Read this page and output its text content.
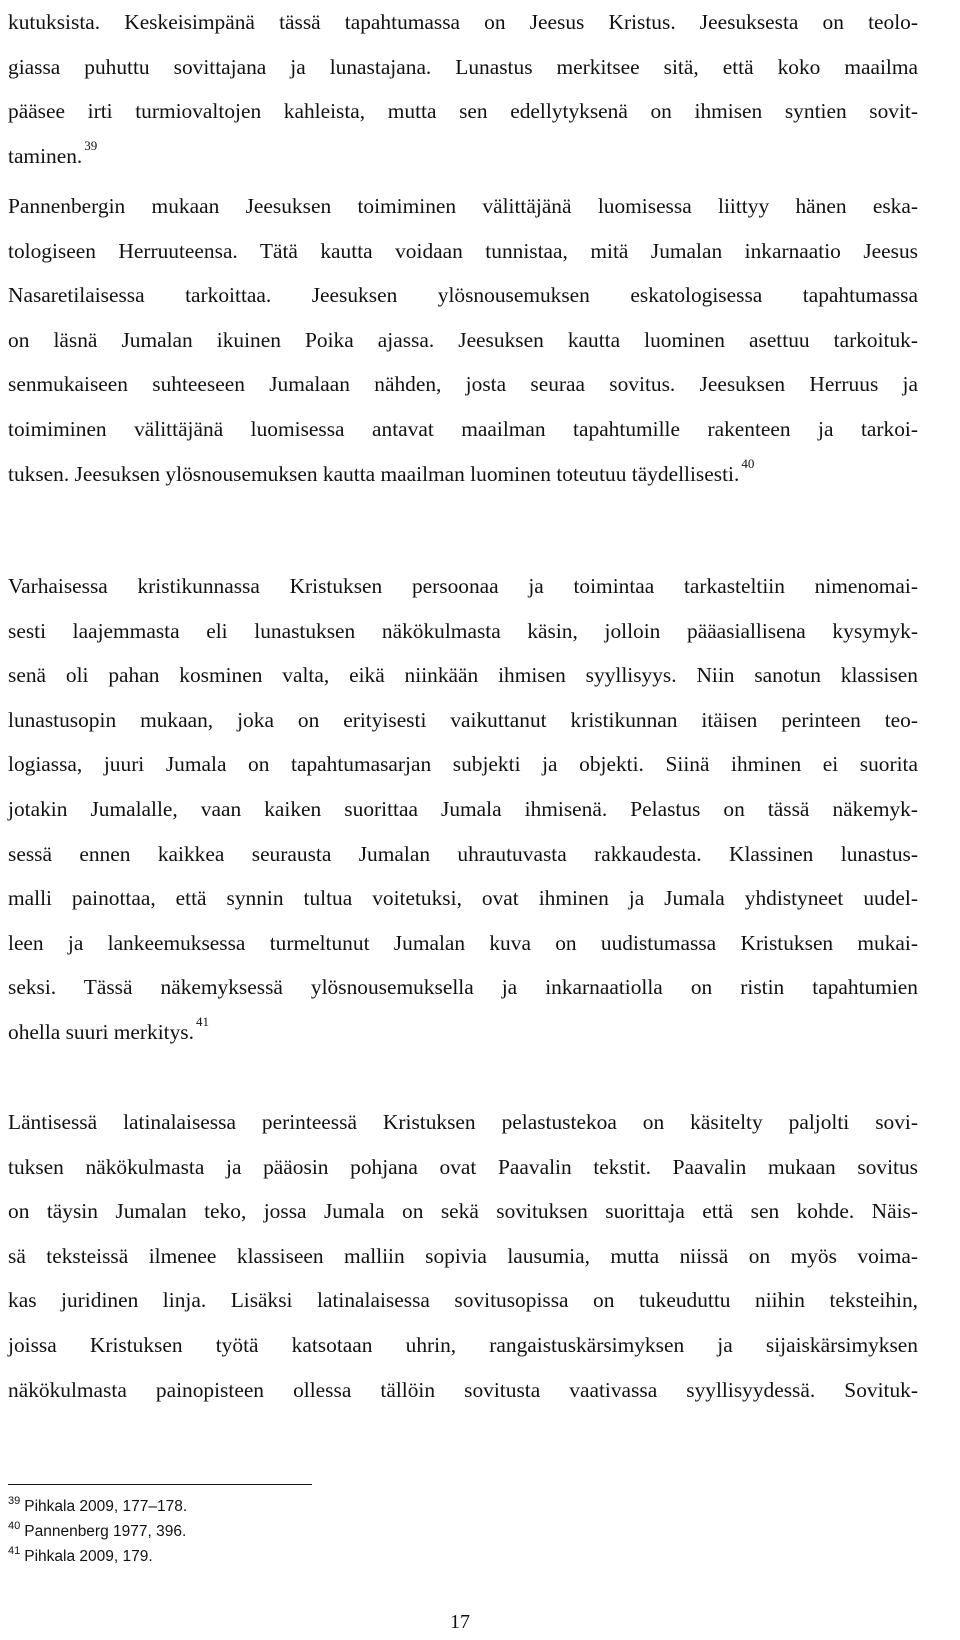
kutuksista. Keskeisimpänä tässä tapahtumassa on Jeesus Kristus. Jeesuksesta on teolo-
giassa puhuttu sovittajana ja lunastajana. Lunastus merkitsee sitä, että koko maailma
pääsee irti turmiovaltojen kahleista, mutta sen edellytyksenä on ihmisen syntien sovit-
taminen. $^{39}$
Pannenbergin mukaan Jeesuksen toimiminen välittäjänä luomisessa liittyy hänen eska-
tologiseen Herruuteensa. Tätä kautta voidaan tunnistaa, mitä Jumalan inkarnaatio Jeesus
Nasaretilaisessa tarkoittaa. Jeesuksen ylösnousemuksen eskatologisessa tapahtumassa
on läsnä Jumalan ikuinen Poika ajassa. Jeesuksen kautta luominen asettuu tarkoituk-
senmukaiseen suhteeseen Jumalaan nähden, josta seuraa sovitus. Jeesuksen Herruus ja
toimiminen välittäjänä luomisessa antavat maailman tapahtumille rakenteen ja tarkoi-
tuksen. Jeesuksen ylösnousemuksen kautta maailman luominen toteutuu täydellisesti. $^{40}$
Varhaisessa kristikunnassa Kristuksen persoonaa ja toimintaa tarkasteltiin nimenomai-
sesti laajemmasta eli lunastuksen näkökulmasta käsin, jolloin pääasiallisena kysymyk-
senä oli pahan kosminen valta, eikä niinkään ihmisen syyllisyys. Niin sanotun klassisen
lunastusopin mukaan, joka on erityisesti vaikuttanut kristikunnan itäisen perinteen teo-
logiassa, juuri Jumala on tapahtumasarjan subjekti ja objekti. Siinä ihminen ei suorita
jotakin Jumalalle, vaan kaiken suorittaa Jumala ihmisenä. Pelastus on tässä näkemyk-
sessä ennen kaikkea seurausta Jumalan uhrautuvasta rakkaudesta. Klassinen lunastus-
malli painottaa, että synnin tultua voitetuksi, ovat ihminen ja Jumala yhdistyneet uudel-
leen ja lankeemuksessa turmeltunut Jumalan kuva on uudistumassa Kristuksen mukai-
seksi. Tässä näkemyksessä ylösnousemuksella ja inkarnaatiolla on ristin tapahtumien
ohella suuri merkitys. $^{41}$
Läntisessä latinalaisessa perinteessä Kristuksen pelastustekoa on käsitelty paljolti sovi-
tuksen näkökulmasta ja pääosin pohjana ovat Paavalin tekstit. Paavalin mukaan sovitus
on täysin Jumalan teko, jossa Jumala on sekä sovituksen suorittaja että sen kohde. Näis-
sä teksteissä ilmenee klassiseen malliin sopivia lausumia, mutta niissä on myös voima-
kas juridinen linja. Lisäksi latinalaisessa sovitusopissa on tukeuduttu niihin teksteihin,
joissa Kristuksen työtä katsotaan uhrin, rangaistuskärsimyksen ja sijaiskärsimyksen
näkökulmasta painopisteen ollessa tällöin sovitusta vaativassa syyllisyydessä. Sovituk-
$^{39}$ Pihkala 2009, 177–178.
$^{40}$ Pannenberg 1977, 396.
$^{41}$ Pihkala 2009, 179.
17
